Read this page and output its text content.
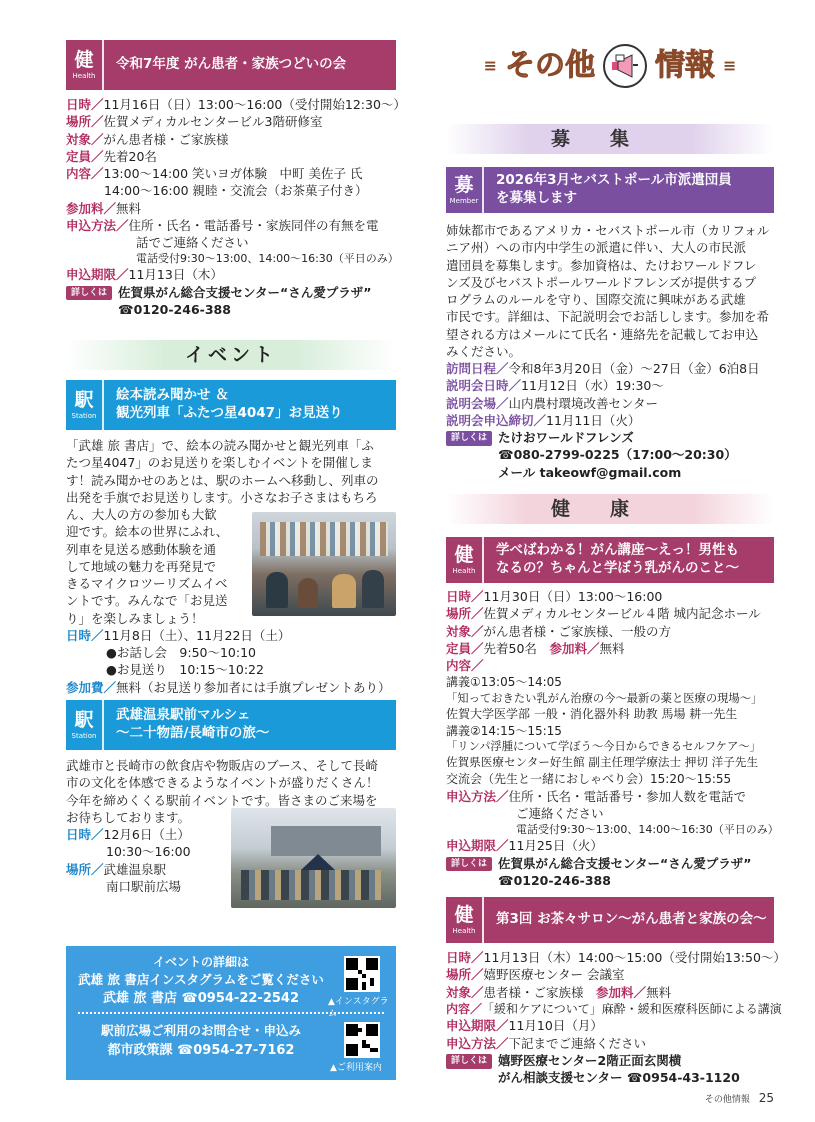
健
Health
令和7年度 がん患者・家族つどいの会
日時／11月16日（日）13:00〜16:00（受付開始12:30〜）
場所／佐賀メディカルセンタービル3階研修室
対象／がん患者様・ご家族様
定員／先着20名
内容／13:00〜14:00 笑いヨガ体験　中町 美佐子 氏
14:00〜16:00 親睦・交流会（お茶菓子付き）
参加料／無料
申込方法／住所・氏名・電話番号・家族同伴の有無を電
話でご連絡ください
電話受付9:30〜13:00、14:00〜16:30（平日のみ）
申込期限／11月13日（木）
詳しくは 佐賀県がん総合支援センター“さん愛プラザ”
☎0120-246-388
イベント
駅
Station
絵本読み聞かせ ＆
観光列車「ふたつ星4047」お見送り
「武雄 旅 書店」で、絵本の読み聞かせと観光列車「ふ
たつ星4047」のお見送りを楽しむイベントを開催しま
す！読み聞かせのあとは、駅のホームへ移動し、列車の
出発を手旗でお見送りします。小さなお子さまはもちろ
ん、大人の方の参加も大歓
迎です。絵本の世界にふれ、
列車を見送る感動体験を通
して地域の魅力を再発見で
きるマイクロツーリズムイベ
ントです。みんなで「お見送
り」を楽しみましょう！
日時／11月8日（土）、11月22日（土）
●お話し会　9:50〜10:10
●お見送り　10:15〜10:22
参加費／無料（お見送り参加者には手旗プレゼントあり）
駅
Station
武雄温泉駅前マルシェ
〜二十物語/長崎市の旅〜
武雄市と長崎市の飲食店や物販店のブース、そして長崎
市の文化を体感できるようなイベントが盛りだくさん！
今年を締めくくる駅前イベントです。皆さまのご来場を
お待ちしております。
日時／12月6日（土）
10:30〜16:00
場所／武雄温泉駅
南口駅前広場
イベントの詳細は
武雄 旅 書店インスタグラムをご覧ください
武雄 旅 書店 ☎0954-22-2542	▲インスタグラム
駅前広場ご利用のお問合せ・申込み
都市政策課 ☎0954-27-7162
▲ご利用案内
≡ その他 情報 ≡
募集
募
Member
2026年3月セバストポール市派遣団員
を募集します
姉妹都市であるアメリカ・セバストポール市（カリフォル
ニア州）への市内中学生の派遣に伴い、大人の市民派
遣団員を募集します。参加資格は、たけおワールドフレ
ンズ及びセバストポールワールドフレンズが提供するプ
ログラムのルールを守り、国際交流に興味がある武雄
市民です。詳細は、下記説明会でお話しします。参加を希
望される方はメールにて氏名・連絡先を記載してお申込
みください。
訪問日程／令和8年3月20日（金）〜27日（金）6泊8日
説明会日時／11月12日（水）19:30〜
説明会場／山内農村環境改善センター
説明会申込締切／11月11日（火）
詳しくは たけおワールドフレンズ
☎080-2799-0225（17:00〜20:30）
メール takeowf@gmail.com
健康
健
Health
学べばわかる！がん講座〜えっ！男性も
なるの？ちゃんと学ぼう乳がんのこと〜
日時／11月30日（日）13:00〜16:00
場所／佐賀メディカルセンタービル４階 城内記念ホール
対象／がん患者様・ご家族様、一般の方
定員／先着50名　 参加料／無料
内容／
講義①13:05〜14:05
「知っておきたい乳がん治療の今〜最新の薬と医療の現場〜」
佐賀大学医学部 一般・消化器外科 助教 馬場 耕一先生
講義②14:15〜15:15
「リンパ浮腫について学ぼう〜今日からできるセルフケア〜」
佐賀県医療センター好生館 副主任理学療法士 押切 洋子先生
交流会（先生と一緒におしゃべり会）15:20〜15:55
申込方法／住所・氏名・電話番号・参加人数を電話で
ご連絡ください
電話受付9:30〜13:00、14:00〜16:30（平日のみ）
申込期限／11月25日（火）
詳しくは 佐賀県がん総合支援センター“さん愛プラザ”
☎0120-246-388
健
Health
第3回 お茶々サロン〜がん患者と家族の会〜
日時／11月13日（木）14:00〜15:00（受付開始13:50〜）
場所／嬉野医療センター 会議室
対象／患者様・ご家族様　 参加料／無料
内容／「緩和ケアについて」麻酔・緩和医療科医師による講演
申込期限／11月10日（月）
申込方法／下記までご連絡ください
詳しくは 嬉野医療センター2階正面玄関横
がん相談支援センター ☎0954-43-1120
その他情報 25
